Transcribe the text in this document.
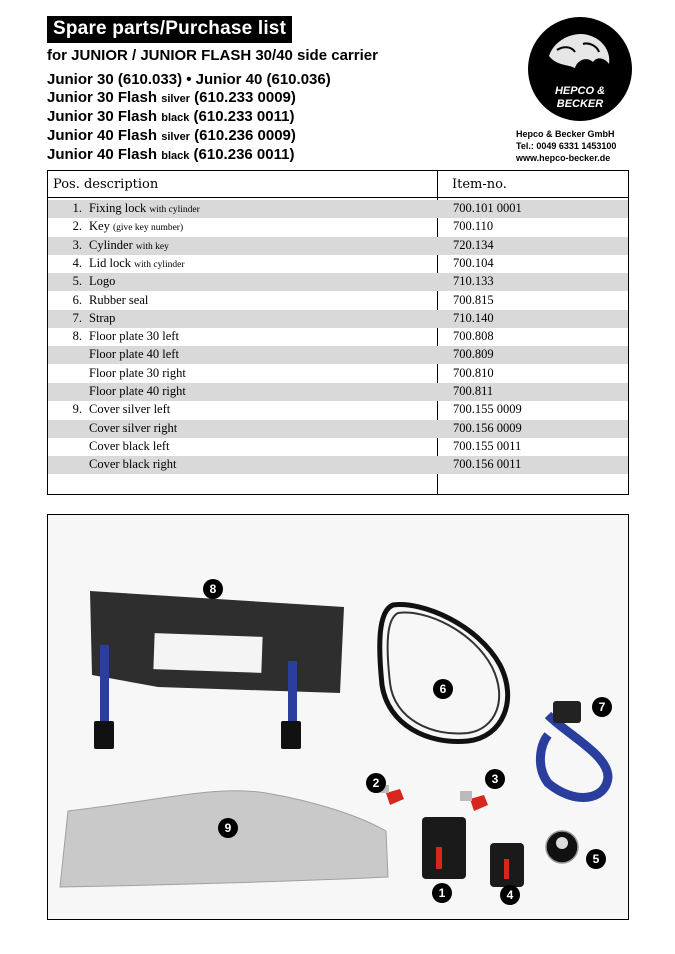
Spare parts/Purchase list
for JUNIOR / JUNIOR FLASH 30/40 side carrier
Junior 30 (610.033) • Junior 40 (610.036)
Junior 30 Flash silver (610.233 0009)
Junior 30 Flash black (610.233 0011)
Junior 40 Flash silver (610.236 0009)
Junior 40 Flash black (610.236 0011)
HEPCO &
BECKER
Hepco & Becker GmbH
Tel.: 0049 6331 1453100
www.hepco-becker.de
Pos. description	Item-no.
1. Fixing lock with cylinder	700.101 0001
2. Key (give key number)	700.110
3. Cylinder with key	720.134
4. Lid lock with cylinder	700.104
5. Logo	710.133
6. Rubber seal	700.815
7. Strap	710.140
8. Floor plate 30 left	700.808
Floor plate 40 left	700.809
Floor plate 30 right	700.810
Floor plate 40 right	700.811
9. Cover silver left	700.155 0009
Cover silver right	700.156 0009
Cover black left	700.155 0011
Cover black right	700.156 0011
8
6
7
2	3
9
1	4
5
